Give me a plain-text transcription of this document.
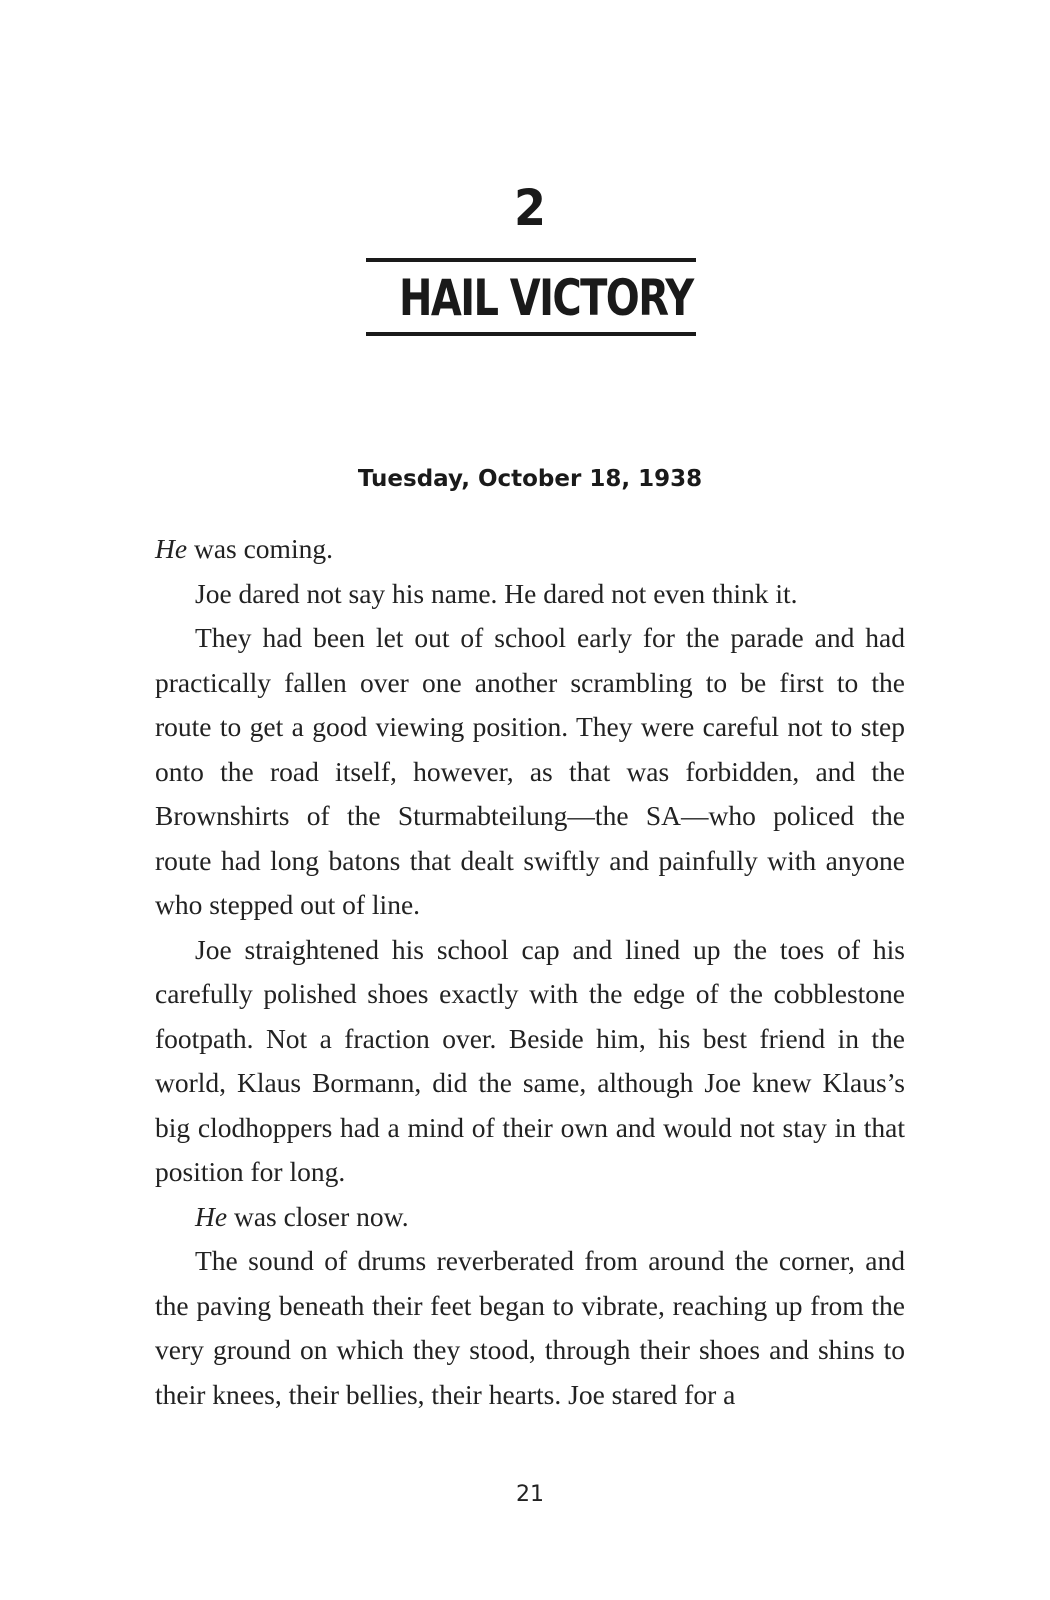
2
HAIL VICTORY
Tuesday, October 18, 1938

He was coming.

Joe dared not say his name. He dared not even think it.

They had been let out of school early for the parade and had practically fallen over one another scrambling to be first to the route to get a good viewing position. They were careful not to step onto the road itself, however, as that was forbidden, and the Brownshirts of the Sturmabteilung—the SA—who policed the route had long batons that dealt swiftly and painfully with anyone who stepped out of line.

Joe straightened his school cap and lined up the toes of his carefully polished shoes exactly with the edge of the cobblestone footpath. Not a fraction over. Beside him, his best friend in the world, Klaus Bormann, did the same, although Joe knew Klaus’s big clodhoppers had a mind of their own and would not stay in that position for long.

He was closer now.

The sound of drums reverberated from around the corner, and the paving beneath their feet began to vibrate, reaching up from the very ground on which they stood, through their shoes and shins to their knees, their bellies, their hearts. Joe stared for a

21
